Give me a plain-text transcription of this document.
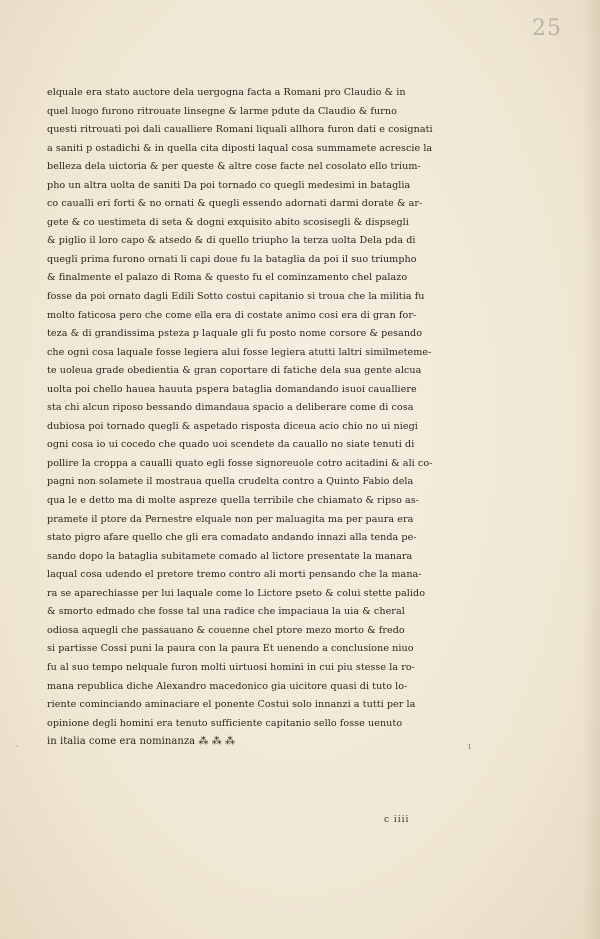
25
elquale era stato auctore dela uergogna facta a Romani pro Claudio & in
quel luogo furono ritrouate linsegne & larme pdute da Claudio & furno
questi ritrouati poi dali caualliere Romani liquali allhora furon dati e cosignati
a saniti p ostadichi & in quella cita diposti laqual cosa summamete acrescie la
belleza dela uictoria & per queste & altre cose facte nel cosolato ello trium-
pho un altra uolta de saniti Da poi tornado co quegli medesimi in bataglia
co caualli eri forti & no ornati & quegli essendo adornati darmi dorate & ar-
gete & co uestimeta di seta & dogni exquisito abito scosisegli & dispsegli
& piglio il loro capo & atsedo & di quello triupho la terza uolta Dela pda di
quegli prima furono ornati li capi doue fu la bataglia da poi il suo triumpho
& finalmente el palazo di Roma & questo fu el cominzamento chel palazo
fosse da poi ornato dagli Edili Sotto costui capitanio si troua che la militia fu
molto faticosa pero che come ella era di costate animo cosi era di gran for-
teza & di grandissima psteza p laquale gli fu posto nome corsore & pesando
che ogni cosa laquale fosse legiera alui fosse legiera atutti laltri similmeteme-
te uoleua grade obedientia & gran coportare di fatiche dela sua gente alcua
uolta poi chello hauea hauuta pspera bataglia domandando isuoi caualliere
sta chi alcun riposo bessando dimandaua spacio a deliberare come di cosa
dubiosa poi tornado quegli & aspetado risposta diceua acio chio no ui niegi
ogni cosa io ui cocedo che quado uoi scendete da cauallo no siate tenuti di
pollire la croppa a caualli quato egli fosse signoreuole cotro acitadini & ali co-
pagni non solamete il mostraua quella crudelta contro a Quinto Fabio dela
qua le e detto ma di molte aspreze quella terribile che chiamato & ripso as-
pramete il ptore da Pernestre elquale non per maluagita ma per paura era
stato pigro afare quello che gli era comadato andando innazi alla tenda pe-
sando dopo la bataglia subitamete comado al lictore presentate la manara
laqual cosa udendo el pretore tremo contro ali morti pensando che la mana-
ra se aparechiasse per lui laquale come lo Lictore pseto & colui stette palido
& smorto edmado che fosse tal una radice che impaciaua la uia & cheral
odiosa aquegli che passauano & couenne chel ptore mezo morto & fredo
si partisse Cossi puni la paura con la paura Et uenendo a conclusione niuo
fu al suo tempo nelquale furon molti uirtuosi homini in cui piu stesse la ro-
mana republica diche Alexandro macedonico gia uicitore quasi di tuto lo-
riente cominciando aminaciare el ponente Costui solo innanzi a tutti per la
opinione degli homini era tenuto sufficiente capitanio sello fosse uenuto
in italia come era nominanza ⁂ ⁂ ⁂	ı
·
c iiii
